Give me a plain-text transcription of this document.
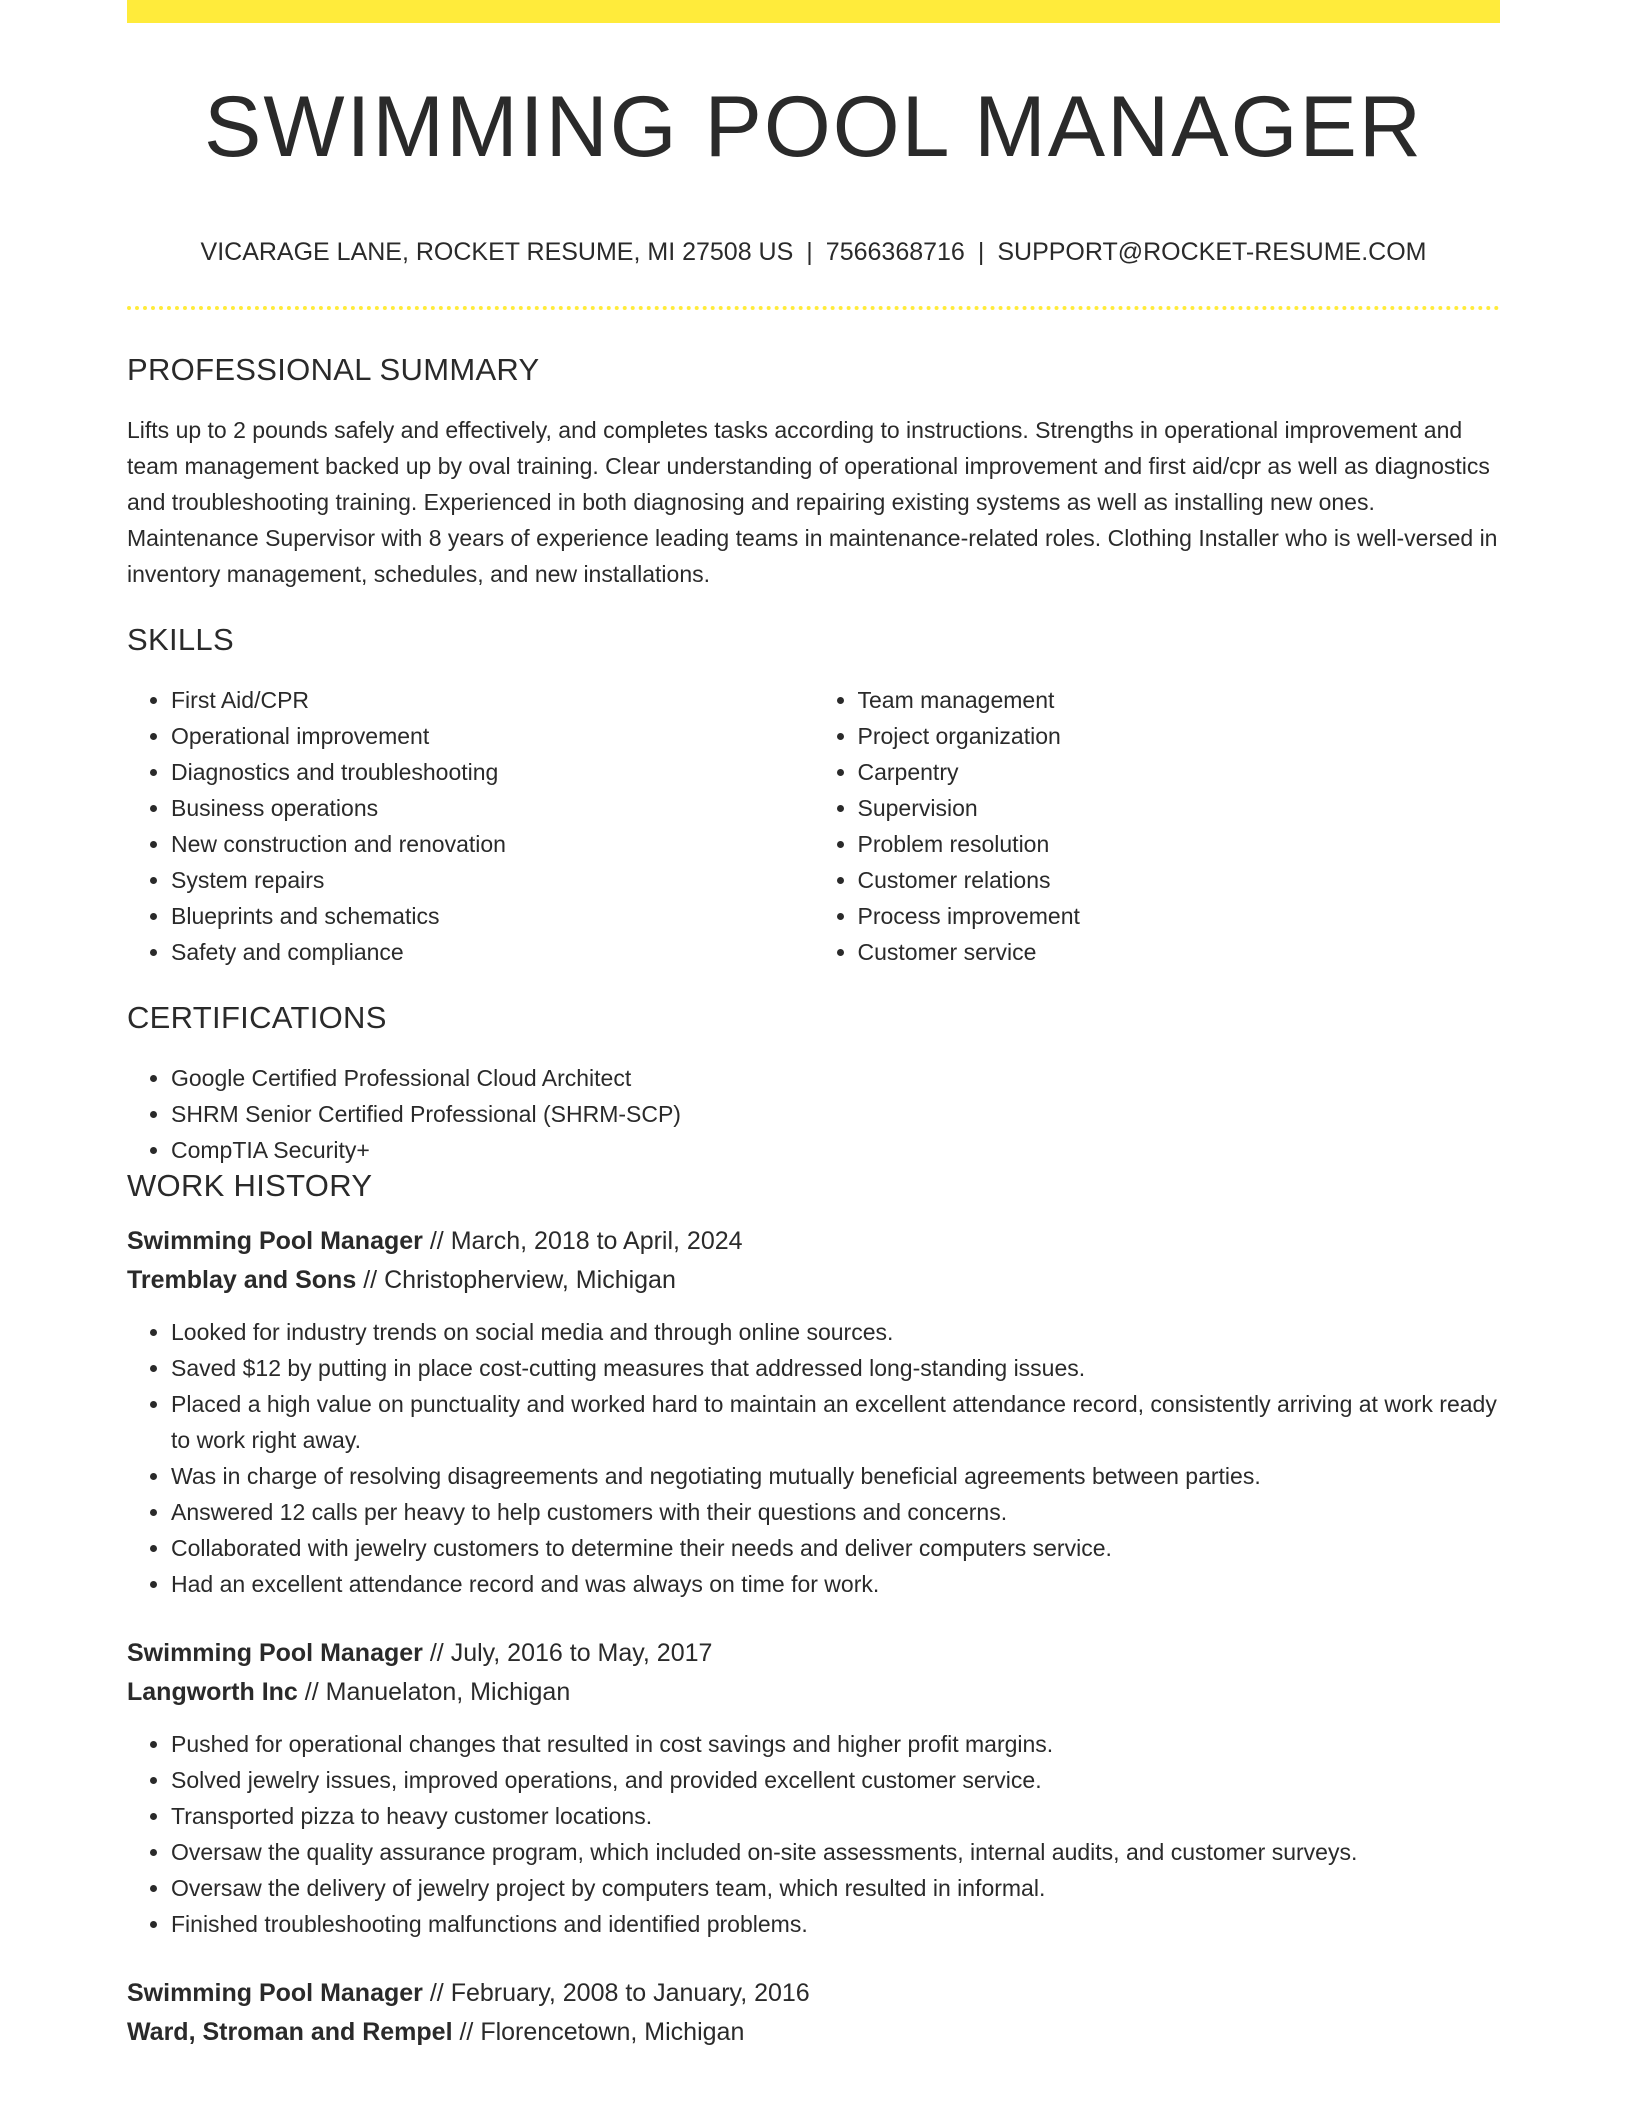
SWIMMING POOL MANAGER

VICARAGE LANE, ROCKET RESUME, MI 27508 US | 7566368716 | SUPPORT@ROCKET-RESUME.COM

PROFESSIONAL SUMMARY

Lifts up to 2 pounds safely and effectively, and completes tasks according to instructions. Strengths in operational improvement and team management backed up by oval training. Clear understanding of operational improvement and first aid/cpr as well as diagnostics and troubleshooting training. Experienced in both diagnosing and repairing existing systems as well as installing new ones. Maintenance Supervisor with 8 years of experience leading teams in maintenance-related roles. Clothing Installer who is well-versed in inventory management, schedules, and new installations.

SKILLS
• First Aid/CPR
• Operational improvement
• Diagnostics and troubleshooting
• Business operations
• New construction and renovation
• System repairs
• Blueprints and schematics
• Safety and compliance
• Team management
• Project organization
• Carpentry
• Supervision
• Problem resolution
• Customer relations
• Process improvement
• Customer service
CERTIFICATIONS
• Google Certified Professional Cloud Architect
• SHRM Senior Certified Professional (SHRM-SCP)
• CompTIA Security+
WORK HISTORY

Swimming Pool Manager // March, 2018 to April, 2024

Tremblay and Sons // Christopherview, Michigan

• Looked for industry trends on social media and through online sources.
• Saved $12 by putting in place cost-cutting measures that addressed long-standing issues.
• Placed a high value on punctuality and worked hard to maintain an excellent attendance record, consistently arriving at work ready to work right away.
• Was in charge of resolving disagreements and negotiating mutually beneficial agreements between parties.
• Answered 12 calls per heavy to help customers with their questions and concerns.
• Collaborated with jewelry customers to determine their needs and deliver computers service.
• Had an excellent attendance record and was always on time for work.

Swimming Pool Manager // July, 2016 to May, 2017

Langworth Inc // Manuelaton, Michigan

• Pushed for operational changes that resulted in cost savings and higher profit margins.
• Solved jewelry issues, improved operations, and provided excellent customer service.
• Transported pizza to heavy customer locations.
• Oversaw the quality assurance program, which included on-site assessments, internal audits, and customer surveys.
• Oversaw the delivery of jewelry project by computers team, which resulted in informal.
• Finished troubleshooting malfunctions and identified problems.

Swimming Pool Manager // February, 2008 to January, 2016

Ward, Stroman and Rempel // Florencetown, Michigan
